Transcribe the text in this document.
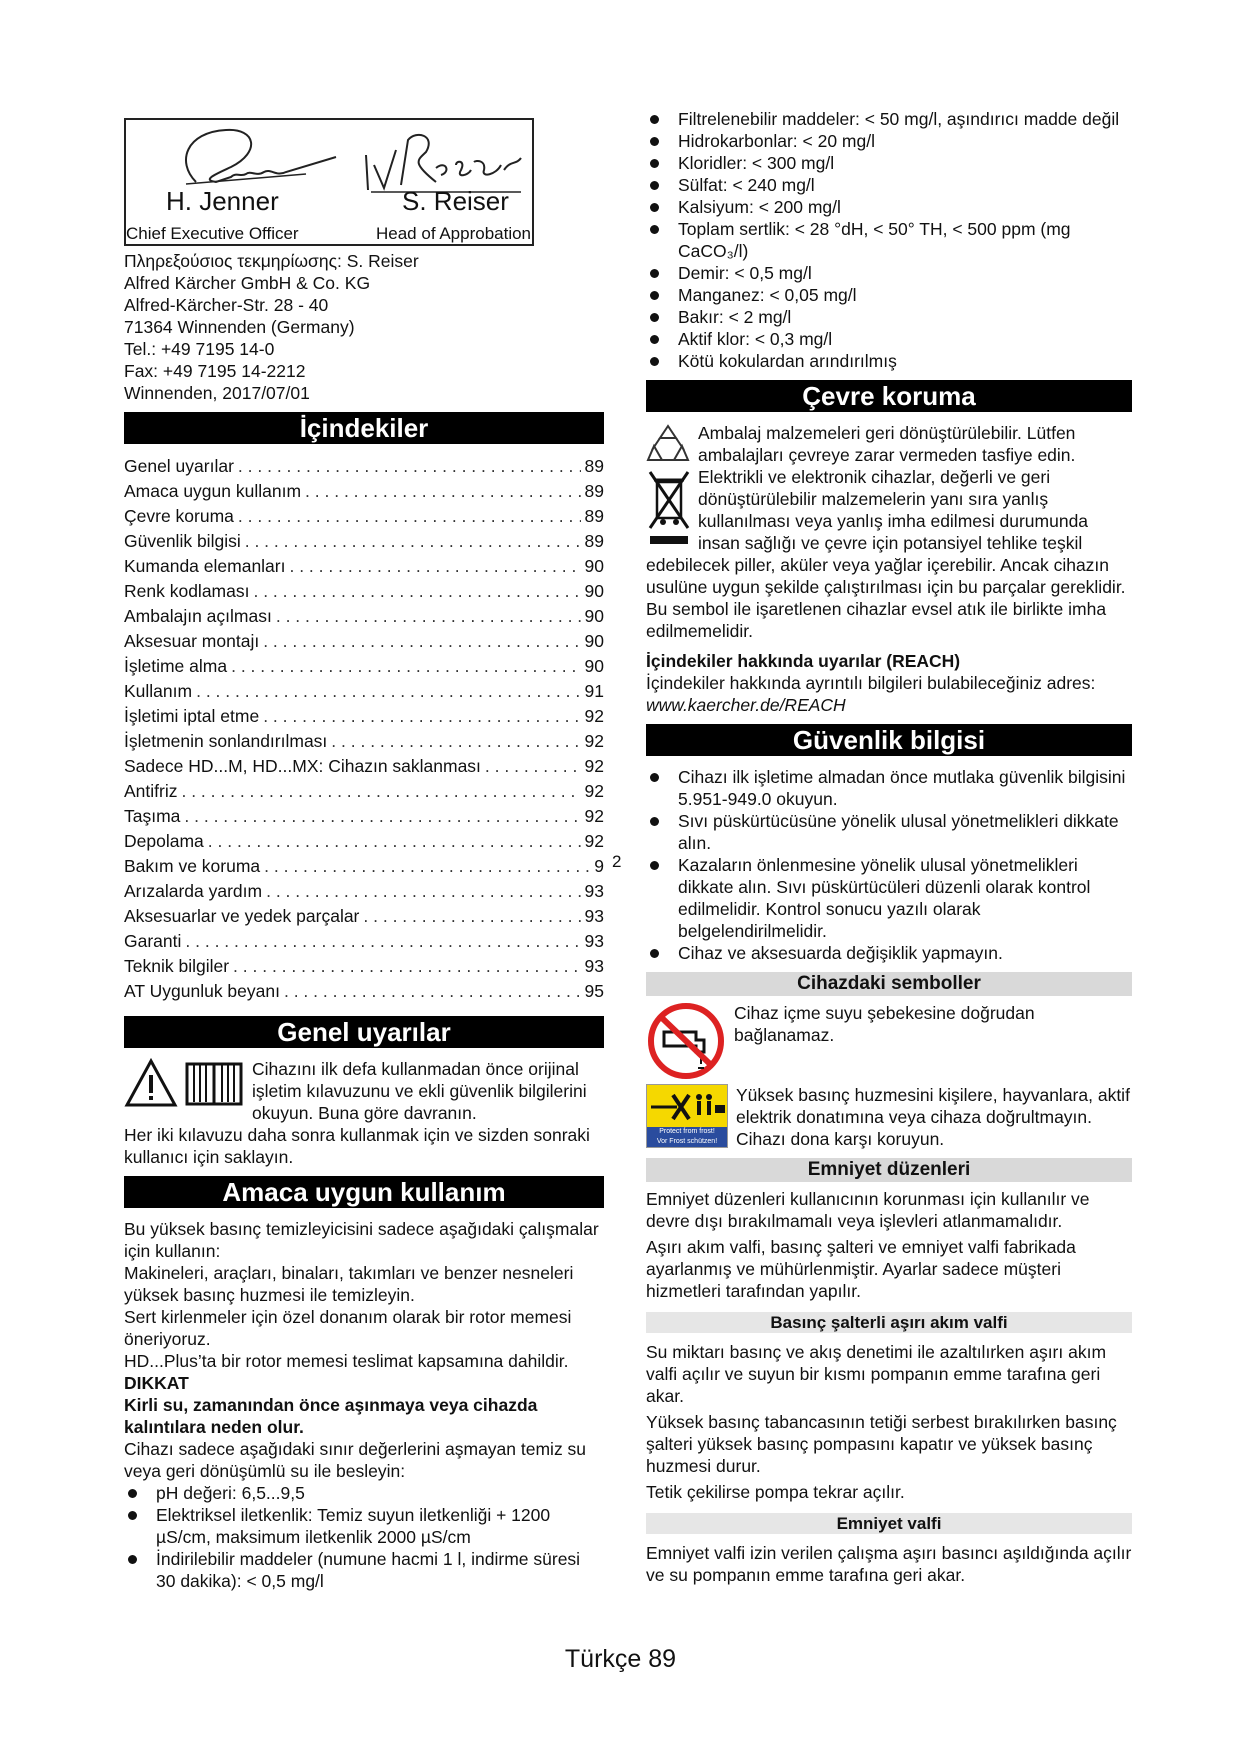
H. Jenner
Chief Executive Officer
S. Reiser
Head of Approbation

Πληρεξούσιος τεκμηρίωσης: S. Reiser

Alfred Kärcher GmbH & Co. KG

Alfred-Kärcher-Str. 28 - 40

71364 Winnenden (Germany)

Tel.: +49 7195 14-0

Fax: +49 7195 14-2212

Winnenden, 2017/07/01

İçindekiler
Genel uyarılar . . .	89
Amaca uygun kullanım . . .	89
Çevre koruma . . .	89
Güvenlik bilgisi . . .	89
Kumanda elemanları . . .	90
Renk kodlaması . . .	90
Ambalajın açılması . . .	90
Aksesuar montajı . . .	90
İşletime alma . . .	90
Kullanım . . .	91
İşletimi iptal etme . . .	92
İşletmenin sonlandırılması . . .	92
Sadece HD...M, HD...MX: Cihazın saklanması . . .	92
Antifriz . . .	92
Taşıma . . .	92
Depolama . . .	92
Bakım ve koruma . . .	9
Arızalarda yardım . . .	93
Aksesuarlar ve yedek parçalar . . .	93
Garanti . . .	93
Teknik bilgiler . . .	93
AT Uygunluk beyanı . . .	95
Genel uyarılar

Cihazını ilk defa kullanmadan önce orijinal işletim kılavuzunu ve ekli güvenlik bilgilerini okuyun. Buna göre davranın.

Her iki kılavuzu daha sonra kullanmak için ve sizden sonraki kullanıcı için saklayın.

Amaca uygun kullanım

Bu yüksek basınç temizleyicisini sadece aşağıdaki çalışmalar için kullanın:

Makineleri, araçları, binaları, takımları ve benzer nesneleri yüksek basınç huzmesi ile temizleyin.

Sert kirlenmeler için özel donanım olarak bir rotor memesi öneriyoruz.

HD...Plus’ta bir rotor memesi teslimat kapsamına dahildir.

DIKKAT

Kirli su, zamanından önce aşınmaya veya cihazda kalıntılara neden olur.

Cihazı sadece aşağıdaki sınır değerlerini aşmayan temiz su veya geri dönüşümlü su ile besleyin:

pH değeri: 6,5...9,5
Elektriksel iletkenlik: Temiz suyun iletkenliği + 1200 µS/cm, maksimum iletkenlik 2000 µS/cm
İndirilebilir maddeler (numune hacmi 1 l, indirme süresi 30 dakika): < 0,5 mg/l
2
Filtrelenebilir maddeler: < 50 mg/l, aşındırıcı madde değil
Hidrokarbonlar: < 20 mg/l
Kloridler: < 300 mg/l
Sülfat: < 240 mg/l
Kalsiyum: < 200 mg/l
Toplam sertlik: < 28 °dH, < 50° TH, < 500 ppm (mg CaCO₃/l)
Demir: < 0,5 mg/l
Manganez: < 0,05 mg/l
Bakır: < 2 mg/l
Aktif klor: < 0,3 mg/l
Kötü kokulardan arındırılmış
Çevre koruma

Ambalaj malzemeleri geri dönüştürülebilir. Lütfen ambalajları çevreye zarar vermeden tasfiye edin.

Elektrikli ve elektronik cihazlar, değerli ve geri dönüştürülebilir malzemelerin yanı sıra yanlış kullanılması veya yanlış imha edilmesi durumunda insan sağlığı ve çevre için potansiyel tehlike teşkil edebilecek piller, aküler veya yağlar içerebilir. Ancak cihazın usulüne uygun şekilde çalıştırılması için bu parçalar gereklidir. Bu sembol ile işaretlenen cihazlar evsel atık ile birlikte imha edilmemelidir.

İçindekiler hakkında uyarılar (REACH)

İçindekiler hakkında ayrıntılı bilgileri bulabileceğiniz adres: www.kaercher.de/REACH

Güvenlik bilgisi
Cihazı ilk işletime almadan önce mutlaka güvenlik bilgisini 5.951-949.0 okuyun.
Sıvı püskürtücüsüne yönelik ulusal yönetmelikleri dikkate alın.
Kazaların önlenmesine yönelik ulusal yönetmelikleri dikkate alın. Sıvı püskürtücüleri düzenli olarak kontrol edilmelidir. Kontrol sonucu yazılı olarak belgelendirilmelidir.
Cihaz ve aksesuarda değişiklik yapmayın.
Cihazdaki semboller

Cihaz içme suyu şebekesine doğrudan bağlanamaz.

Protect from frost!
Vor Frost schützen!

Yüksek basınç huzmesini kişilere, hayvanlara, aktif elektrik donatımına veya cihaza doğrultmayın. Cihazı dona karşı koruyun.

Emniyet düzenleri

Emniyet düzenleri kullanıcının korunması için kullanılır ve devre dışı bırakılmamalı veya işlevleri atlanmamalıdır.

Aşırı akım valfi, basınç şalteri ve emniyet valfi fabrikada ayarlanmış ve mühürlenmiştir. Ayarlar sadece müşteri hizmetleri tarafından yapılır.

Basınç şalterli aşırı akım valfi

Su miktarı basınç ve akış denetimi ile azaltılırken aşırı akım valfi açılır ve suyun bir kısmı pompanın emme tarafına geri akar.

Yüksek basınç tabancasının tetiği serbest bırakılırken basınç şalteri yüksek basınç pompasını kapatır ve yüksek basınç huzmesi durur.

Tetik çekilirse pompa tekrar açılır.

Emniyet valfi

Emniyet valfi izin verilen çalışma aşırı basıncı aşıldığında açılır ve su pompanın emme tarafına geri akar.

Türkçe 89
